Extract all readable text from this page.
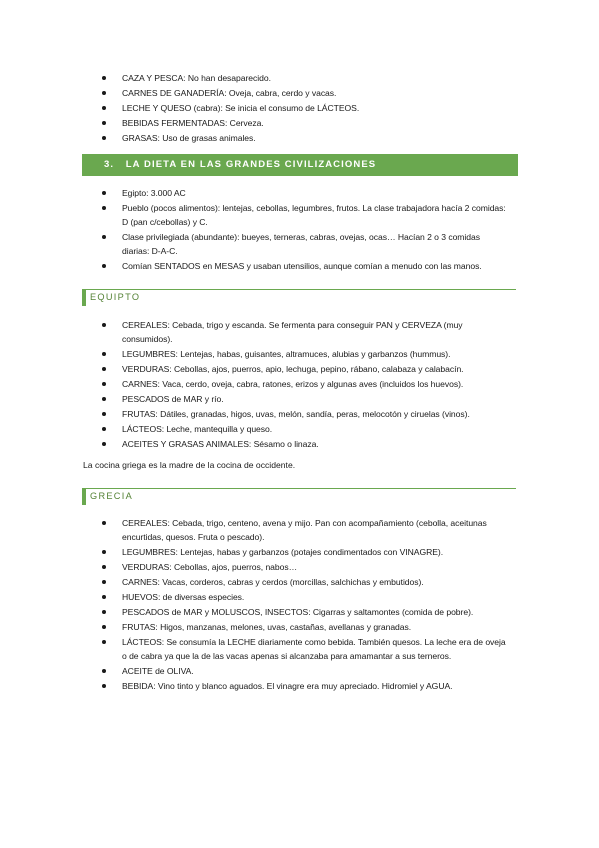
CAZA Y PESCA: No han desaparecido.
CARNES DE GANADERÍA: Oveja, cabra, cerdo y vacas.
LECHE Y QUESO (cabra): Se inicia el consumo de LÁCTEOS.
BEBIDAS FERMENTADAS: Cerveza.
GRASAS: Uso de grasas animales.
3. LA DIETA EN LAS GRANDES CIVILIZACIONES
Egipto: 3.000 AC
Pueblo (pocos alimentos): lentejas, cebollas, legumbres, frutos. La clase trabajadora hacía 2 comidas: D (pan c/cebollas) y C.
Clase privilegiada (abundante): bueyes, terneras, cabras, ovejas, ocas… Hacían 2 o 3 comidas diarias: D-A-C.
Comían SENTADOS en MESAS y usaban utensilios, aunque comían a menudo con las manos.
EQUIPTO
CEREALES: Cebada, trigo y escanda. Se fermenta para conseguir PAN y CERVEZA (muy consumidos).
LEGUMBRES: Lentejas, habas, guisantes, altramuces, alubias y garbanzos (hummus).
VERDURAS: Cebollas, ajos, puerros, apio, lechuga, pepino, rábano, calabaza y calabacín.
CARNES: Vaca, cerdo, oveja, cabra, ratones, erizos y algunas aves (incluidos los huevos).
PESCADOS de MAR y río.
FRUTAS: Dátiles, granadas, higos, uvas, melón, sandía, peras, melocotón y ciruelas (vinos).
LÁCTEOS: Leche, mantequilla y queso.
ACEITES Y GRASAS ANIMALES: Sésamo o linaza.
La cocina griega es la madre de la cocina de occidente.
GRECIA
CEREALES: Cebada, trigo, centeno, avena y mijo. Pan con acompañamiento (cebolla, aceitunas encurtidas, quesos. Fruta o pescado).
LEGUMBRES: Lentejas, habas y garbanzos (potajes condimentados con VINAGRE).
VERDURAS: Cebollas, ajos, puerros, nabos…
CARNES: Vacas, corderos, cabras y cerdos (morcillas, salchichas y embutidos).
HUEVOS: de diversas especies.
PESCADOS de MAR y MOLUSCOS, INSECTOS: Cigarras y saltamontes (comida de pobre).
FRUTAS: Higos, manzanas, melones, uvas, castañas, avellanas y granadas.
LÁCTEOS: Se consumía la LECHE diariamente como bebida. También quesos. La leche era de oveja o de cabra ya que la de las vacas apenas si alcanzaba para amamantar a sus terneros.
ACEITE de OLIVA.
BEBIDA: Vino tinto y blanco aguados. El vinagre era muy apreciado. Hidromiel y AGUA.
